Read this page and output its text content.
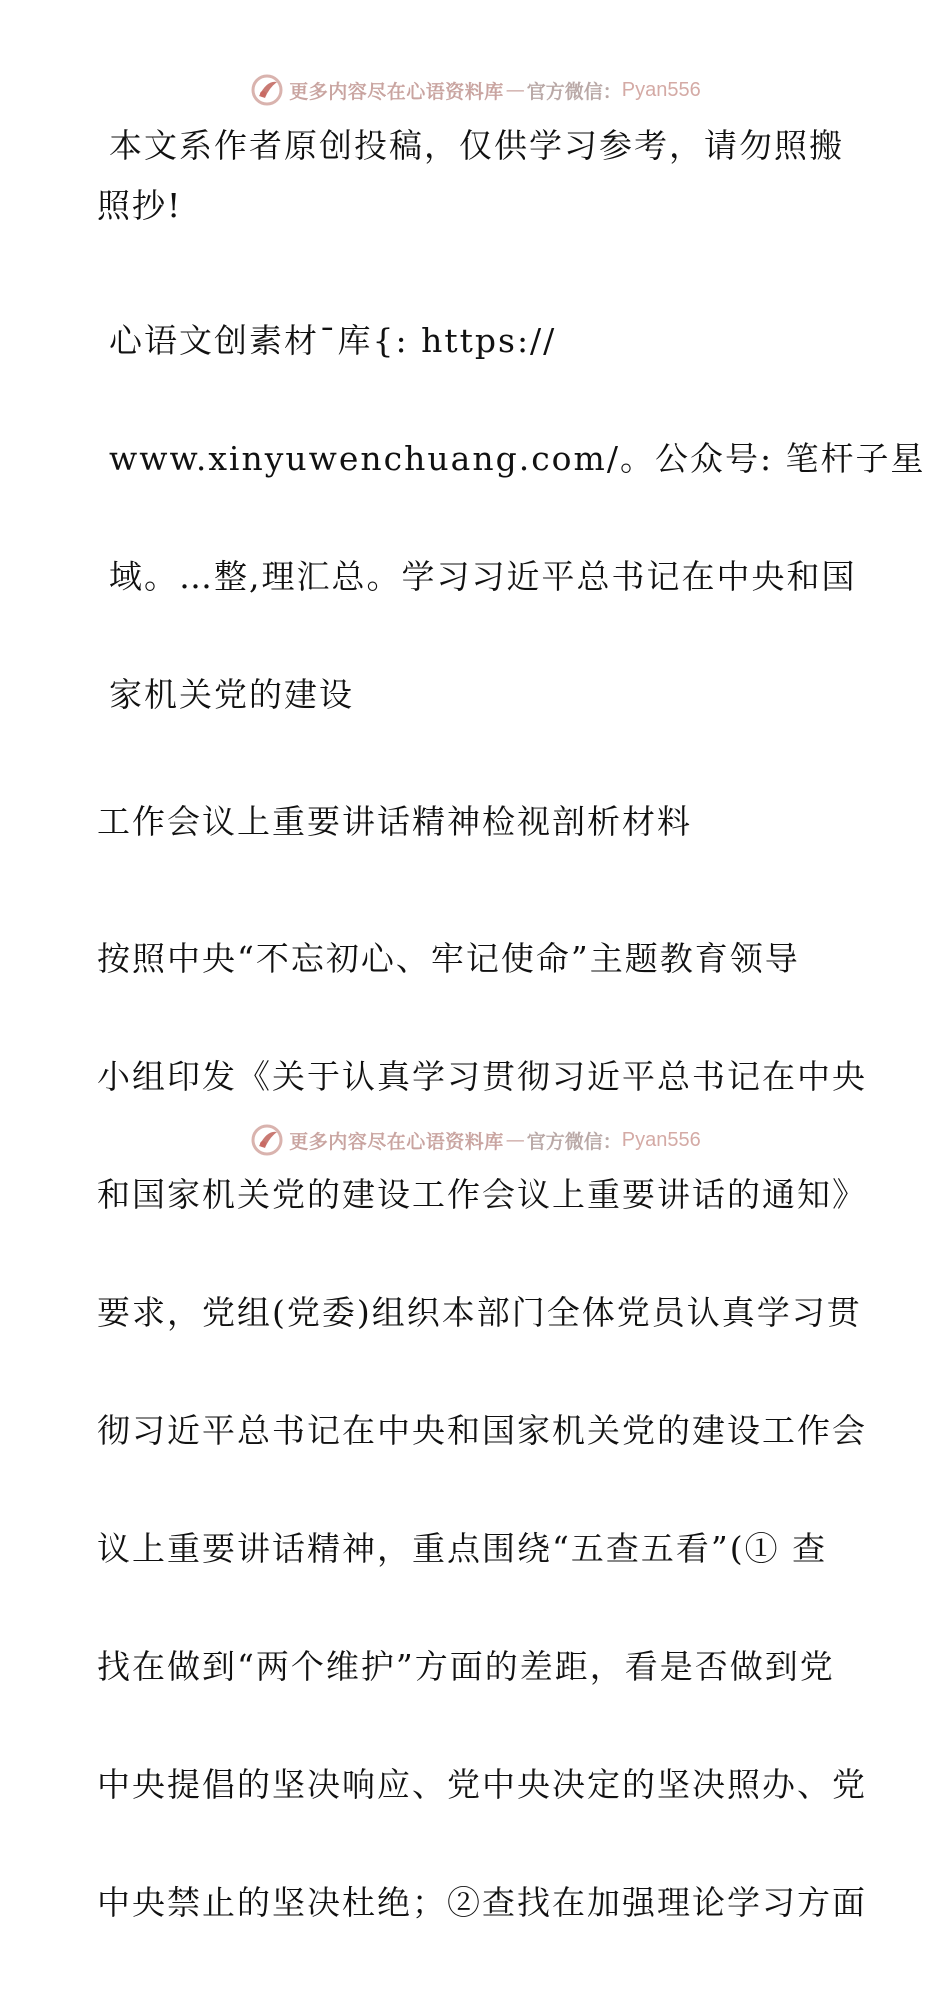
更多内容尽在心语资料库 — 官方微信： Pyan556

本文系作者原创投稿，仅供学习参考，请勿照搬
照抄!

心语文创素材¯库{: https://

www.xinyuwenchuang.com/。公众号: 笔杆子星

域。…整,理汇总。学习习近平总书记在中央和国

家机关党的建设

工作会议上重要讲话精神检视剖析材料

按照中央“不忘初心、牢记使命”主题教育领导

小组印发《关于认真学习贯彻习近平总书记在中央

和国家机关党的建设工作会议上重要讲话的通知》

要求，党组(党委)组织本部门全体党员认真学习贯

彻习近平总书记在中央和国家机关党的建设工作会

议上重要讲话精神，重点围绕“五查五看”(① 查

找在做到“两个维护”方面的差距，看是否做到党

中央提倡的坚决响应、党中央决定的坚决照办、党

中央禁止的坚决杜绝；②查找在加强理论学习方面

更多内容尽在心语资料库 — 官方微信： Pyan556
